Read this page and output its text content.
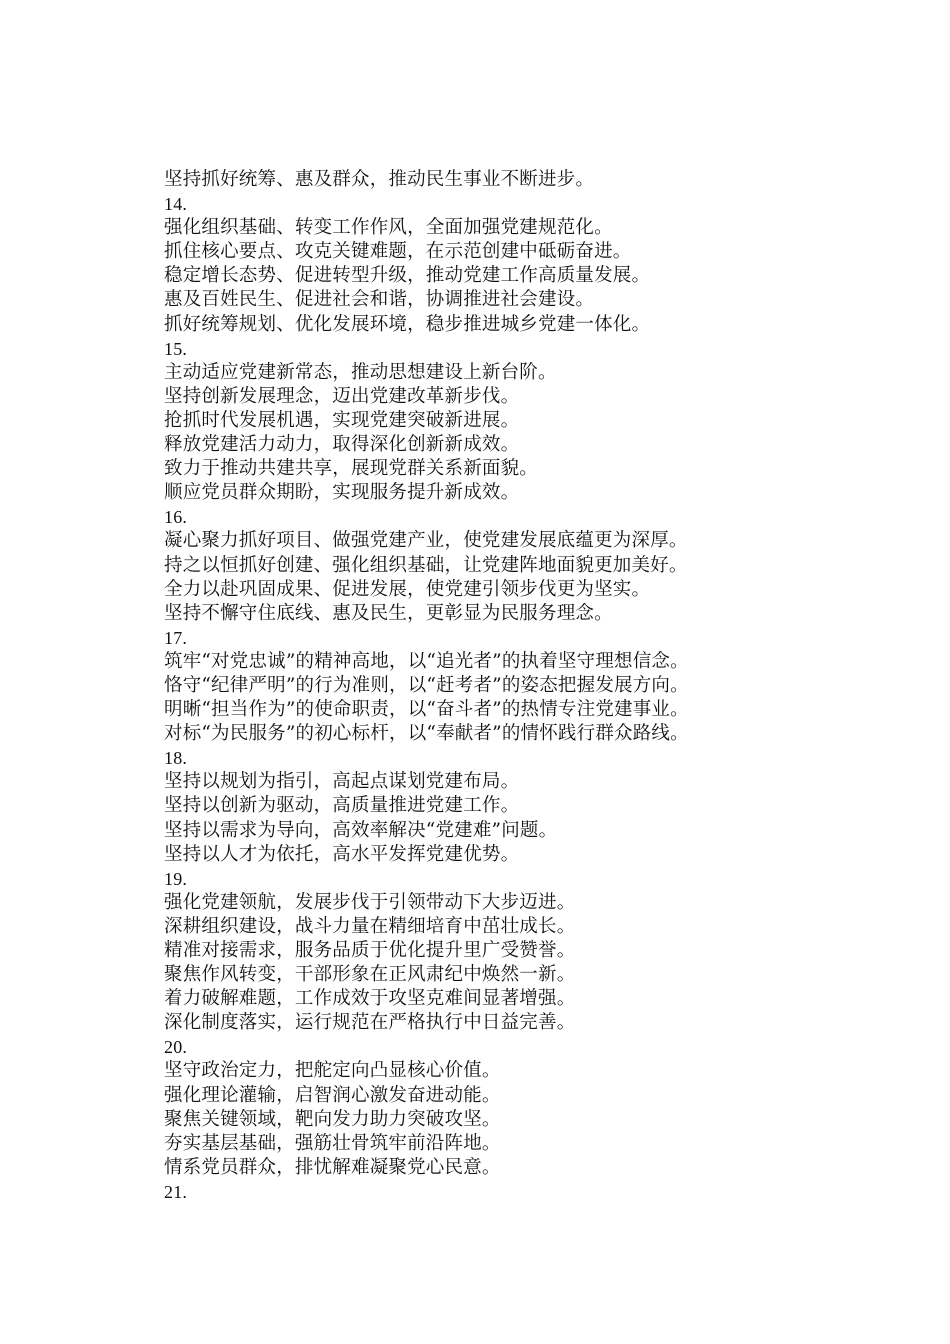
坚持抓好统筹、惠及群众，推动民生事业不断进步。
14.
强化组织基础、转变工作作风，全面加强党建规范化。
抓住核心要点、攻克关键难题，在示范创建中砥砺奋进。
稳定增长态势、促进转型升级，推动党建工作高质量发展。
惠及百姓民生、促进社会和谐，协调推进社会建设。
抓好统筹规划、优化发展环境，稳步推进城乡党建一体化。
15.
主动适应党建新常态，推动思想建设上新台阶。
坚持创新发展理念，迈出党建改革新步伐。
抢抓时代发展机遇，实现党建突破新进展。
释放党建活力动力，取得深化创新新成效。
致力于推动共建共享，展现党群关系新面貌。
顺应党员群众期盼，实现服务提升新成效。
16.
凝心聚力抓好项目、做强党建产业，使党建发展底蕴更为深厚。
持之以恒抓好创建、强化组织基础，让党建阵地面貌更加美好。
全力以赴巩固成果、促进发展，使党建引领步伐更为坚实。
坚持不懈守住底线、惠及民生，更彰显为民服务理念。
17.
筑牢“对党忠诚”的精神高地，以“追光者”的执着坚守理想信念。
恪守“纪律严明”的行为准则，以“赶考者”的姿态把握发展方向。
明晰“担当作为”的使命职责，以“奋斗者”的热情专注党建事业。
对标“为民服务”的初心标杆，以“奉献者”的情怀践行群众路线。
18.
坚持以规划为指引，高起点谋划党建布局。
坚持以创新为驱动，高质量推进党建工作。
坚持以需求为导向，高效率解决“党建难”问题。
坚持以人才为依托，高水平发挥党建优势。
19.
强化党建领航，发展步伐于引领带动下大步迈进。
深耕组织建设，战斗力量在精细培育中茁壮成长。
精准对接需求，服务品质于优化提升里广受赞誉。
聚焦作风转变，干部形象在正风肃纪中焕然一新。
着力破解难题，工作成效于攻坚克难间显著增强。
深化制度落实，运行规范在严格执行中日益完善。
20.
坚守政治定力，把舵定向凸显核心价值。
强化理论灌输，启智润心激发奋进动能。
聚焦关键领域，靶向发力助力突破攻坚。
夯实基层基础，强筋壮骨筑牢前沿阵地。
情系党员群众，排忧解难凝聚党心民意。
21.
